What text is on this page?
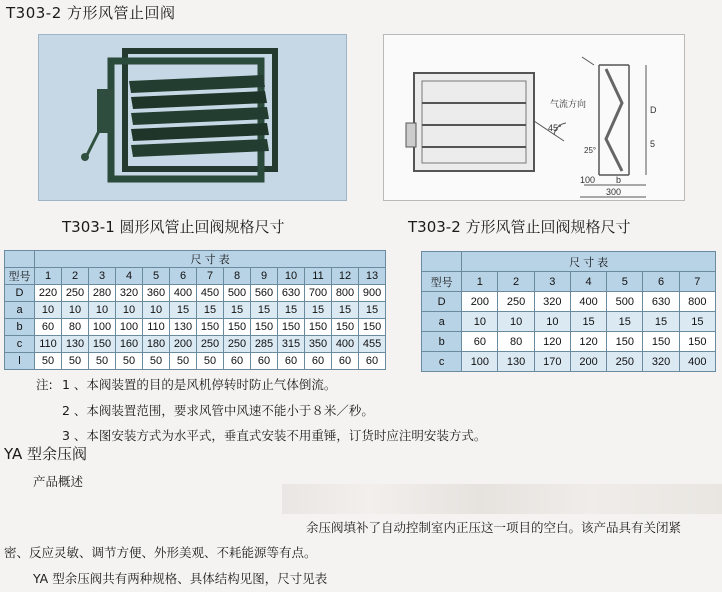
T303-2 方形风管止回阀
气流方向
45°
25°
100 b
300
5
D
T303-1 圆形风管止回阀规格尺寸	T303-2 方形风管止回阀规格尺寸
	尺 寸 表												
型号	1	2	3	4	5	6	7	8	9	10	11	12	13
D	220	250	280	320	360	400	450	500	560	630	700	800	900
a	10	10	10	10	10	15	15	15	15	15	15	15	15
b	60	80	100	100	110	130	150	150	150	150	150	150	150
c	110	130	150	160	180	200	250	250	285	315	350	400	455
l	50	50	50	50	50	50	50	60	60	60	60	60	60
	尺 寸 表						
型号	1	2	3	4	5	6	7
D	200	250	320	400	500	630	800
a	10	10	10	15	15	15	15
b	60	80	120	120	150	150	150
c	100	130	170	200	250	320	400
注: 1 、本阀装置的目的是风机停转时防止气体倒流。
2 、本阀装置范围，要求风管中风速不能小于８米／秒。
3 、本图安装方式为水平式，垂直式安装不用重锤，订货时应注明安装方式。
YA 型余压阀
产品概述
余压阀填补了自动控制室内正压这一项目的空白。该产品具有关闭紧
密、反应灵敏、调节方便、外形美观、不耗能源等有点。
YA 型余压阀共有两种规格、具体结构见图，尺寸见表
